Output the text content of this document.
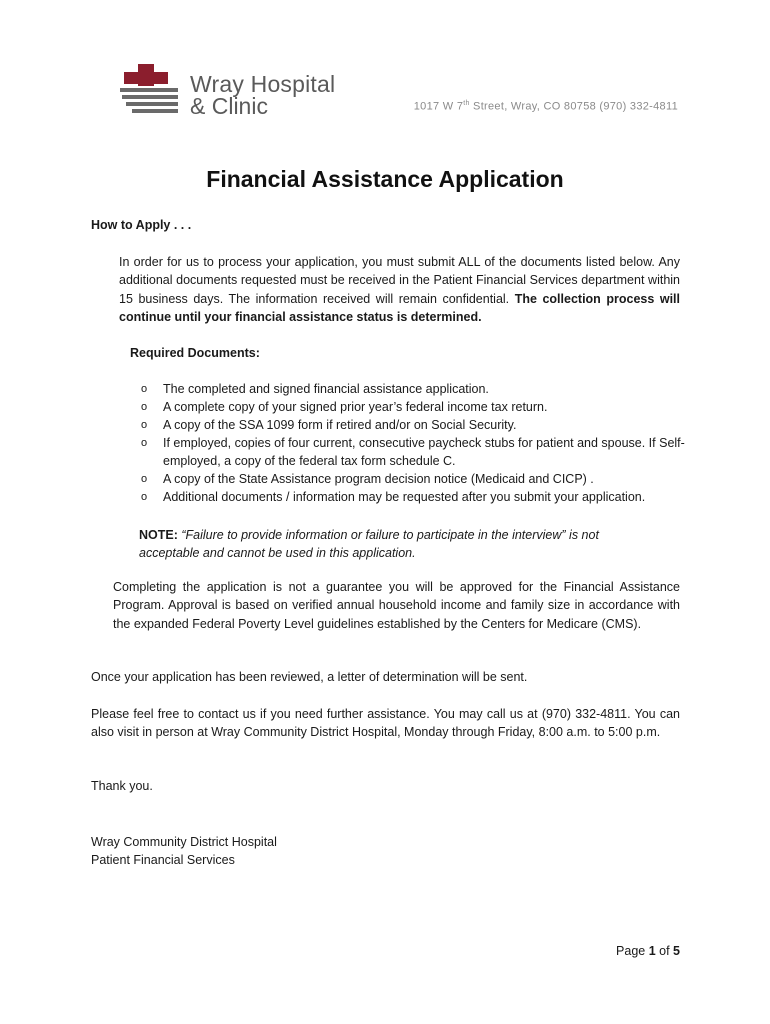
Wray Hospital
& Clinic	1017 W 7th Street, Wray, CO 80758 (970) 332-4811
Financial Assistance Application
How to Apply . . .
In order for us to process your application, you must submit ALL of the documents listed below. Any additional documents requested must be received in the Patient Financial Services department within 15 business days. The information received will remain confidential. The collection process will continue until your financial assistance status is determined.
Required Documents:
o The completed and signed financial assistance application.
o A complete copy of your signed prior year’s federal income tax return.
o A copy of the SSA 1099 form if retired and/or on Social Security.
o If employed, copies of four current, consecutive paycheck stubs for patient and spouse. If Self-employed, a copy of the federal tax form schedule C.
o A copy of the State Assistance program decision notice (Medicaid and CICP) .
o Additional documents / information may be requested after you submit your application.
NOTE: “Failure to provide information or failure to participate in the interview” is not acceptable and cannot be used in this application.
Completing the application is not a guarantee you will be approved for the Financial Assistance Program. Approval is based on verified annual household income and family size in accordance with the expanded Federal Poverty Level guidelines established by the Centers for Medicare (CMS).
Once your application has been reviewed, a letter of determination will be sent.
Please feel free to contact us if you need further assistance. You may call us at (970) 332-4811. You can also visit in person at Wray Community District Hospital, Monday through Friday, 8:00 a.m. to 5:00 p.m.
Thank you.
Wray Community District Hospital
Patient Financial Services
Page 1 of 5
